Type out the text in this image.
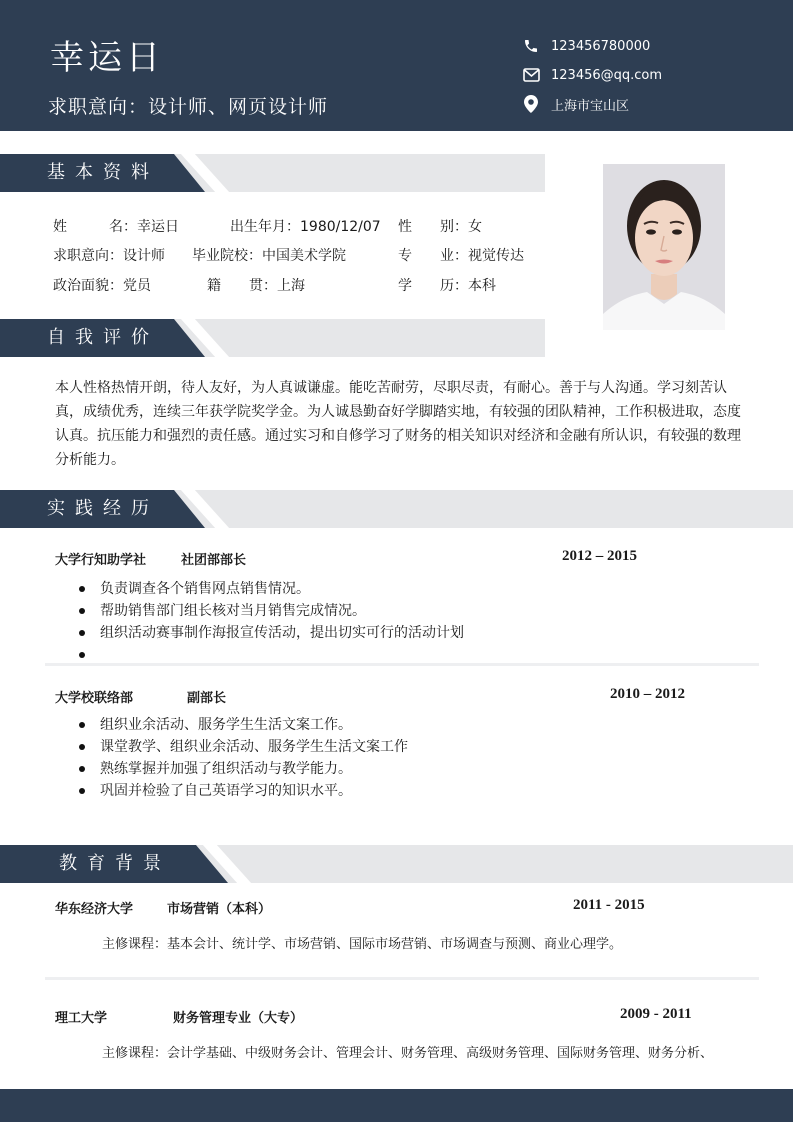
幸运日
求职意向：设计师、网页设计师
123456780000
123456@qq.com
上海市宝山区
基本资料
姓　　　名：幸运日	出生年月：1980/12/07 性　　别：女
求职意向：设计师 毕业院校：中国美术学院	专　　业：视觉传达
政治面貌：党员	籍　　贯：上海	学　　历：本科
自我评价
本人性格热情开朗，待人友好，为人真诚谦虚。能吃苦耐劳，尽职尽责，有耐心。善于与人沟通。学习刻苦认真，成绩优秀，连续三年获学院奖学金。为人诚恳勤奋好学脚踏实地，有较强的团队精神，工作积极进取，态度认真。抗压能力和强烈的责任感。通过实习和自修学习了财务的相关知识对经济和金融有所认识，有较强的数理分析能力。
实践经历
大学行知助学社	社团部部长	2012 – 2015
负责调查各个销售网点销售情况。
帮助销售部门组长核对当月销售完成情况。
组织活动赛事制作海报宣传活动，提出切实可行的活动计划
大学校联络部	副部长	2010 – 2012
组织业余活动、服务学生生活文案工作。
课堂教学、组织业余活动、服务学生生活文案工作
熟练掌握并加强了组织活动与教学能力。
巩固并检验了自己英语学习的知识水平。
教育背景
华东经济大学	市场营销（本科）	2011 - 2015
主修课程：基本会计、统计学、市场营销、国际市场营销、市场调查与预测、商业心理学。
理工大学	财务管理专业（大专）	2009 - 2011
主修课程：会计学基础、中级财务会计、管理会计、财务管理、高级财务管理、国际财务管理、财务分析、
